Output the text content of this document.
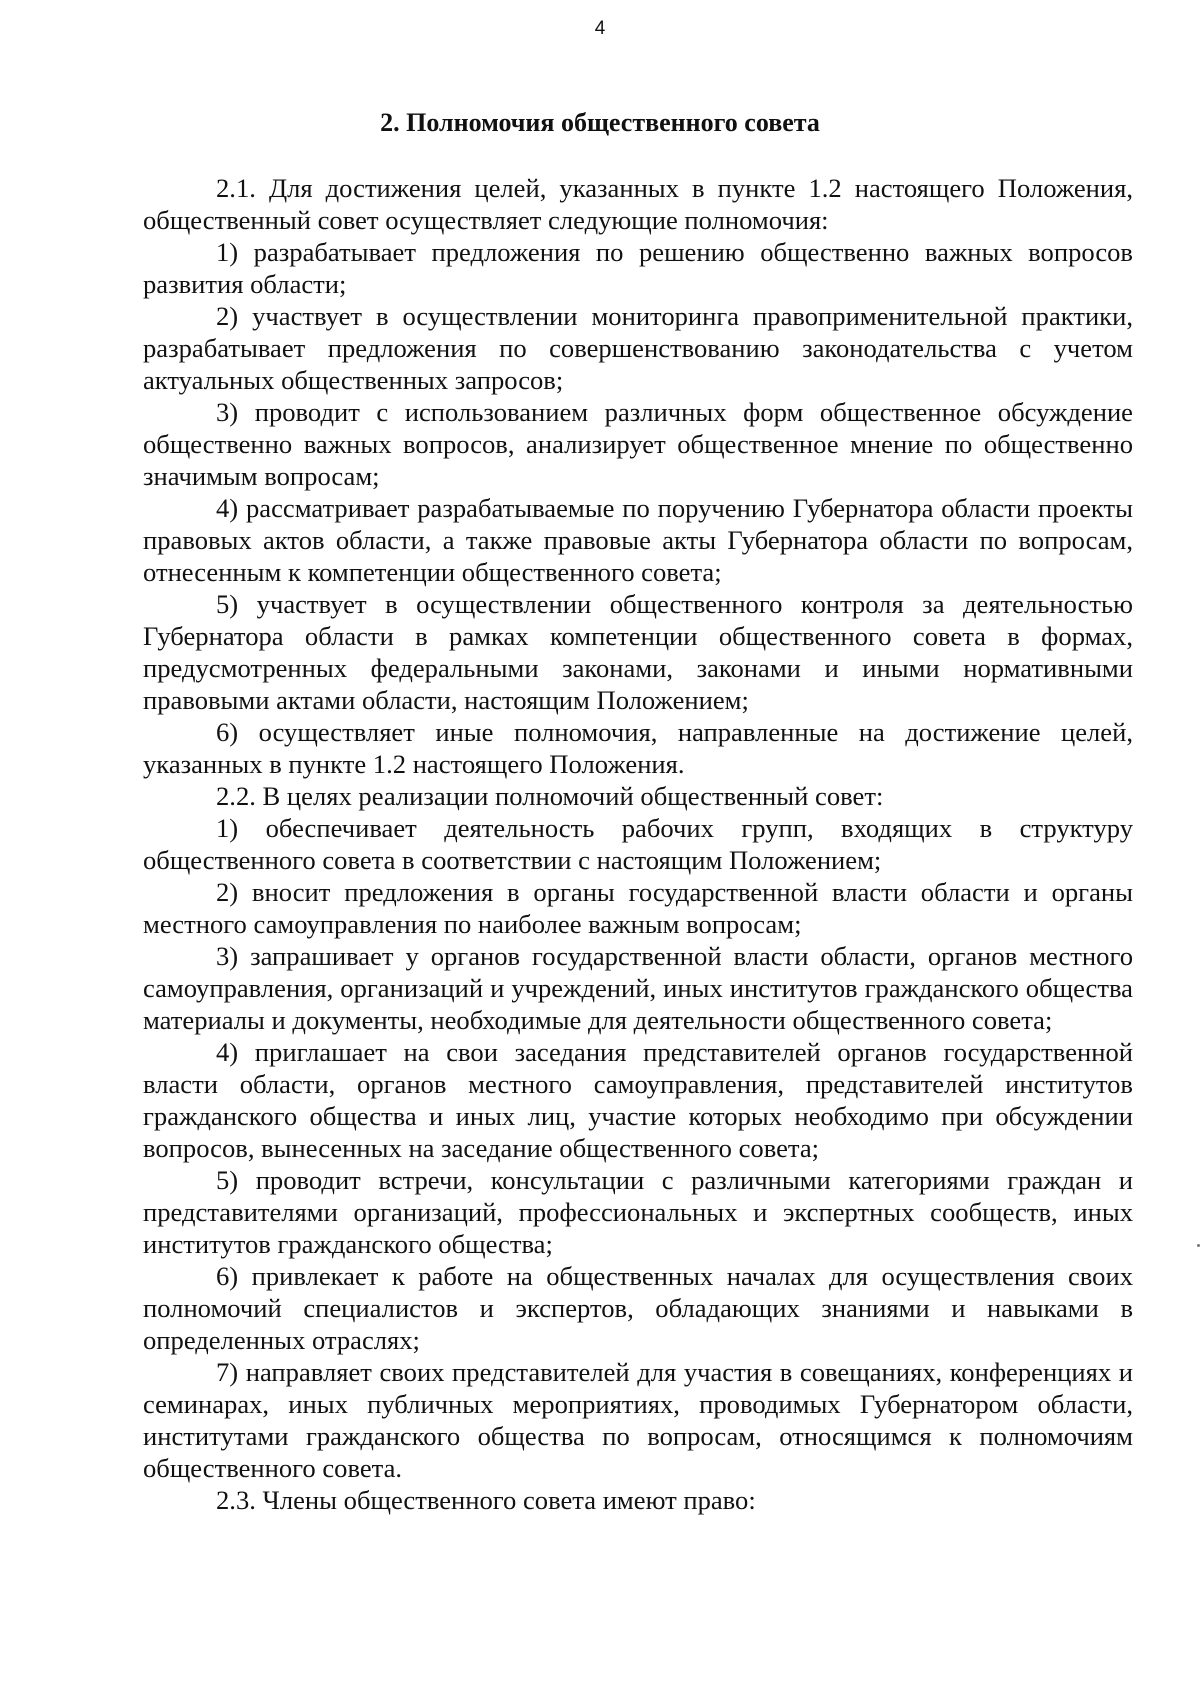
4
2. Полномочия общественного совета

2.1. Для достижения целей, указанных в пункте 1.2 настоящего Положения, общественный совет осуществляет следующие полномочия:

1) разрабатывает предложения по решению общественно важных вопросов развития области;

2) участвует в осуществлении мониторинга правоприменительной практики, разрабатывает предложения по совершенствованию законодательства с учетом актуальных общественных запросов;

3) проводит с использованием различных форм общественное обсуждение общественно важных вопросов, анализирует общественное мнение по общественно значимым вопросам;

4) рассматривает разрабатываемые по поручению Губернатора области проекты правовых актов области, а также правовые акты Губернатора области по вопросам, отнесенным к компетенции общественного совета;

5) участвует в осуществлении общественного контроля за деятельностью Губернатора области в рамках компетенции общественного совета в формах, предусмотренных федеральными законами, законами и иными нормативными правовыми актами области, настоящим Положением;

6) осуществляет иные полномочия, направленные на достижение целей, указанных в пункте 1.2 настоящего Положения.

2.2. В целях реализации полномочий общественный совет:

1) обеспечивает деятельность рабочих групп, входящих в структуру общественного совета в соответствии с настоящим Положением;

2) вносит предложения в органы государственной власти области и органы местного самоуправления по наиболее важным вопросам;

3) запрашивает у органов государственной власти области, органов местного самоуправления, организаций и учреждений, иных институтов гражданского общества материалы и документы, необходимые для деятельности общественного совета;

4) приглашает на свои заседания представителей органов государственной власти области, органов местного самоуправления, представителей институтов гражданского общества и иных лиц, участие которых необходимо при обсуждении вопросов, вынесенных на заседание общественного совета;

5) проводит встречи, консультации с различными категориями граждан и представителями организаций, профессиональных и экспертных сообществ, иных институтов гражданского общества;

6) привлекает к работе на общественных началах для осуществления своих полномочий специалистов и экспертов, обладающих знаниями и навыками в определенных отраслях;

7) направляет своих представителей для участия в совещаниях, конференциях и семинарах, иных публичных мероприятиях, проводимых Губернатором области, институтами гражданского общества по вопросам, относящимся к полномочиям общественного совета.

2.3. Члены общественного совета имеют право:
